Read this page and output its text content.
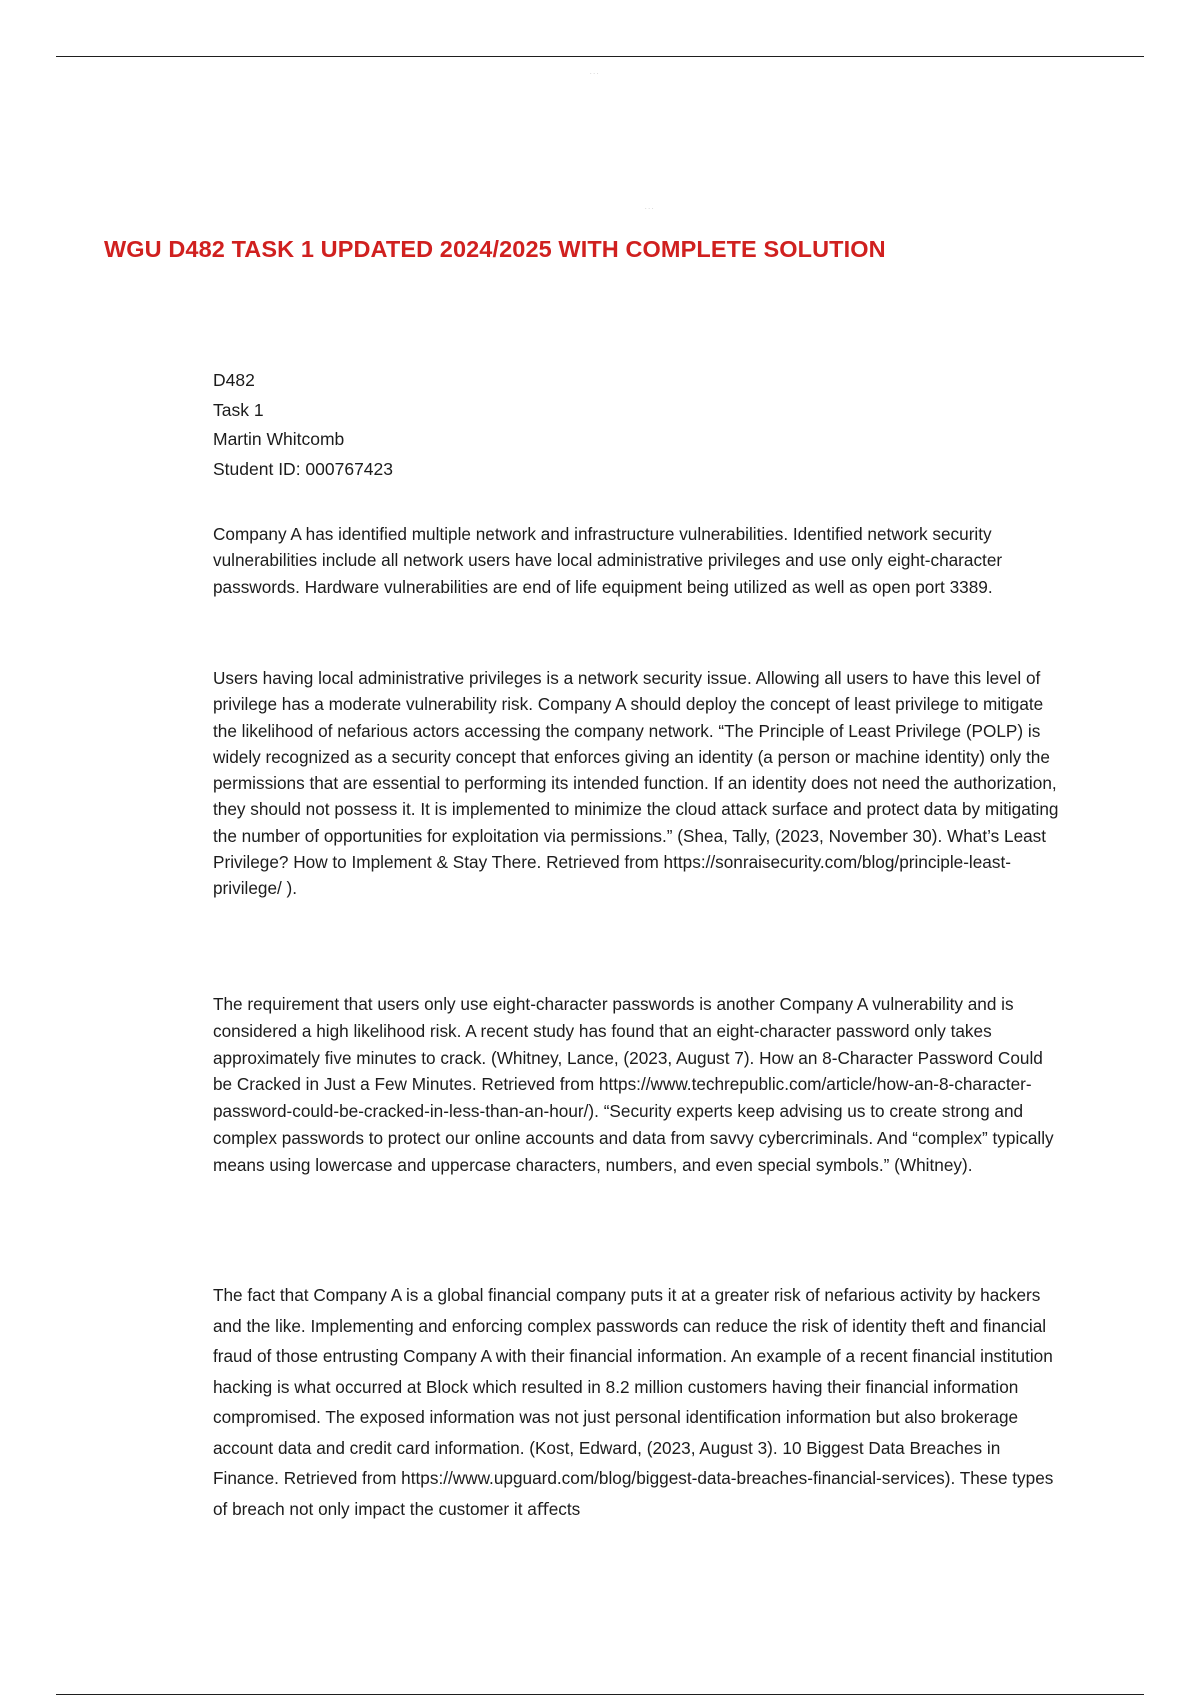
- - -
- - -
WGU D482 TASK 1 UPDATED 2024/2025 WITH COMPLETE SOLUTION
D482
Task 1
Martin Whitcomb
Student ID: 000767423

Company A has identiﬁed multiple network and infrastructure vulnerabilities. Identiﬁed network security vulnerabilities include all network users have local administrative privileges and use only eight-character passwords. Hardware vulnerabilities are end of life equipment being utilized as well as open port 3389.

Users having local administrative privileges is a network security issue. Allowing all users to have this level of privilege has a moderate vulnerability risk. Company A should deploy the concept of least privilege to mitigate the likelihood of nefarious actors accessing the company network. “The Principle of Least Privilege (POLP) is widely recognized as a security concept that enforces giving an identity (a person or machine identity) only the permissions that are essential to performing its intended function. If an identity does not need the authorization, they should not possess it. It is implemented to minimize the cloud attack surface and protect data by mitigating the number of opportunities for exploitation via permissions.” (Shea, Tally, (2023, November 30). What’s Least Privilege? How to Implement & Stay There. Retrieved from https://sonraisecurity.com/blog/principle-least-privilege/ ).

The requirement that users only use eight-character passwords is another Company A vulnerability and is considered a high likelihood risk. A recent study has found that an eight-character password only takes approximately ﬁve minutes to crack. (Whitney, Lance, (2023, August 7). How an 8-Character Password Could be Cracked in Just a Few Minutes. Retrieved from https://www.techrepublic.com/article/how-an-8-character-password-could-be-cracked-in-less-than-an-hour/). “Security experts keep advising us to create strong and complex passwords to protect our online accounts and data from savvy cybercriminals. And “complex” typically means using lowercase and uppercase characters, numbers, and even special symbols.” (Whitney).

The fact that Company A is a global ﬁnancial company puts it at a greater risk of nefarious activity by hackers and the like. Implementing and enforcing complex passwords can reduce the risk of identity theft and ﬁnancial fraud of those entrusting Company A with their ﬁnancial information. An example of a recent ﬁnancial institution hacking is what occurred at Block which resulted in 8.2 million customers having their ﬁnancial information compromised. The exposed information was not just personal identiﬁcation information but also brokerage account data and credit card information. (Kost, Edward, (2023, August 3). 10 Biggest Data Breaches in Finance. Retrieved from https://www.upguard.com/blog/biggest-data-breaches-ﬁnancial-services). These types of breach not only impact the customer it aﬀects
